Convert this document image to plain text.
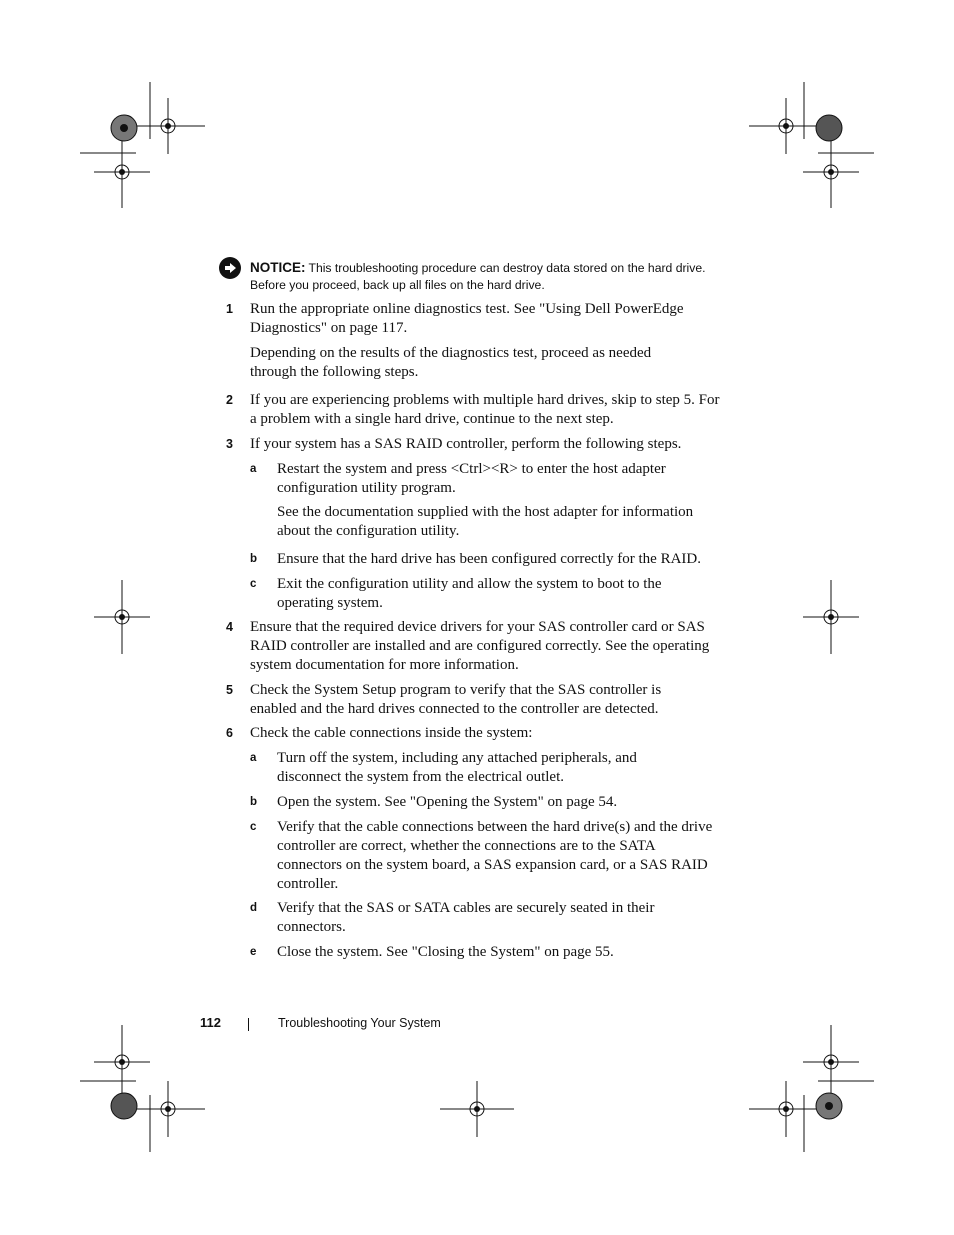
NOTICE: This troubleshooting procedure can destroy data stored on the hard drive. Before you proceed, back up all files on the hard drive.
1	Run the appropriate online diagnostics test. See "Using Dell PowerEdge Diagnostics" on page 117.
Depending on the results of the diagnostics test, proceed as needed through the following steps.
2	If you are experiencing problems with multiple hard drives, skip to step 5. For a problem with a single hard drive, continue to the next step.
3	If your system has a SAS RAID controller, perform the following steps.
a	Restart the system and press <Ctrl><R> to enter the host adapter configuration utility program.
See the documentation supplied with the host adapter for information about the configuration utility.
b	Ensure that the hard drive has been configured correctly for the RAID.
c	Exit the configuration utility and allow the system to boot to the operating system.
4	Ensure that the required device drivers for your SAS controller card or SAS RAID controller are installed and are configured correctly. See the operating system documentation for more information.
5	Check the System Setup program to verify that the SAS controller is enabled and the hard drives connected to the controller are detected.
6	Check the cable connections inside the system:
a	Turn off the system, including any attached peripherals, and disconnect the system from the electrical outlet.
b	Open the system. See "Opening the System" on page 54.
c	Verify that the cable connections between the hard drive(s) and the drive controller are correct, whether the connections are to the SATA connectors on the system board, a SAS expansion card, or a SAS RAID controller.
d	Verify that the SAS or SATA cables are securely seated in their connectors.
e	Close the system. See "Closing the System" on page 55.
112	Troubleshooting Your System
